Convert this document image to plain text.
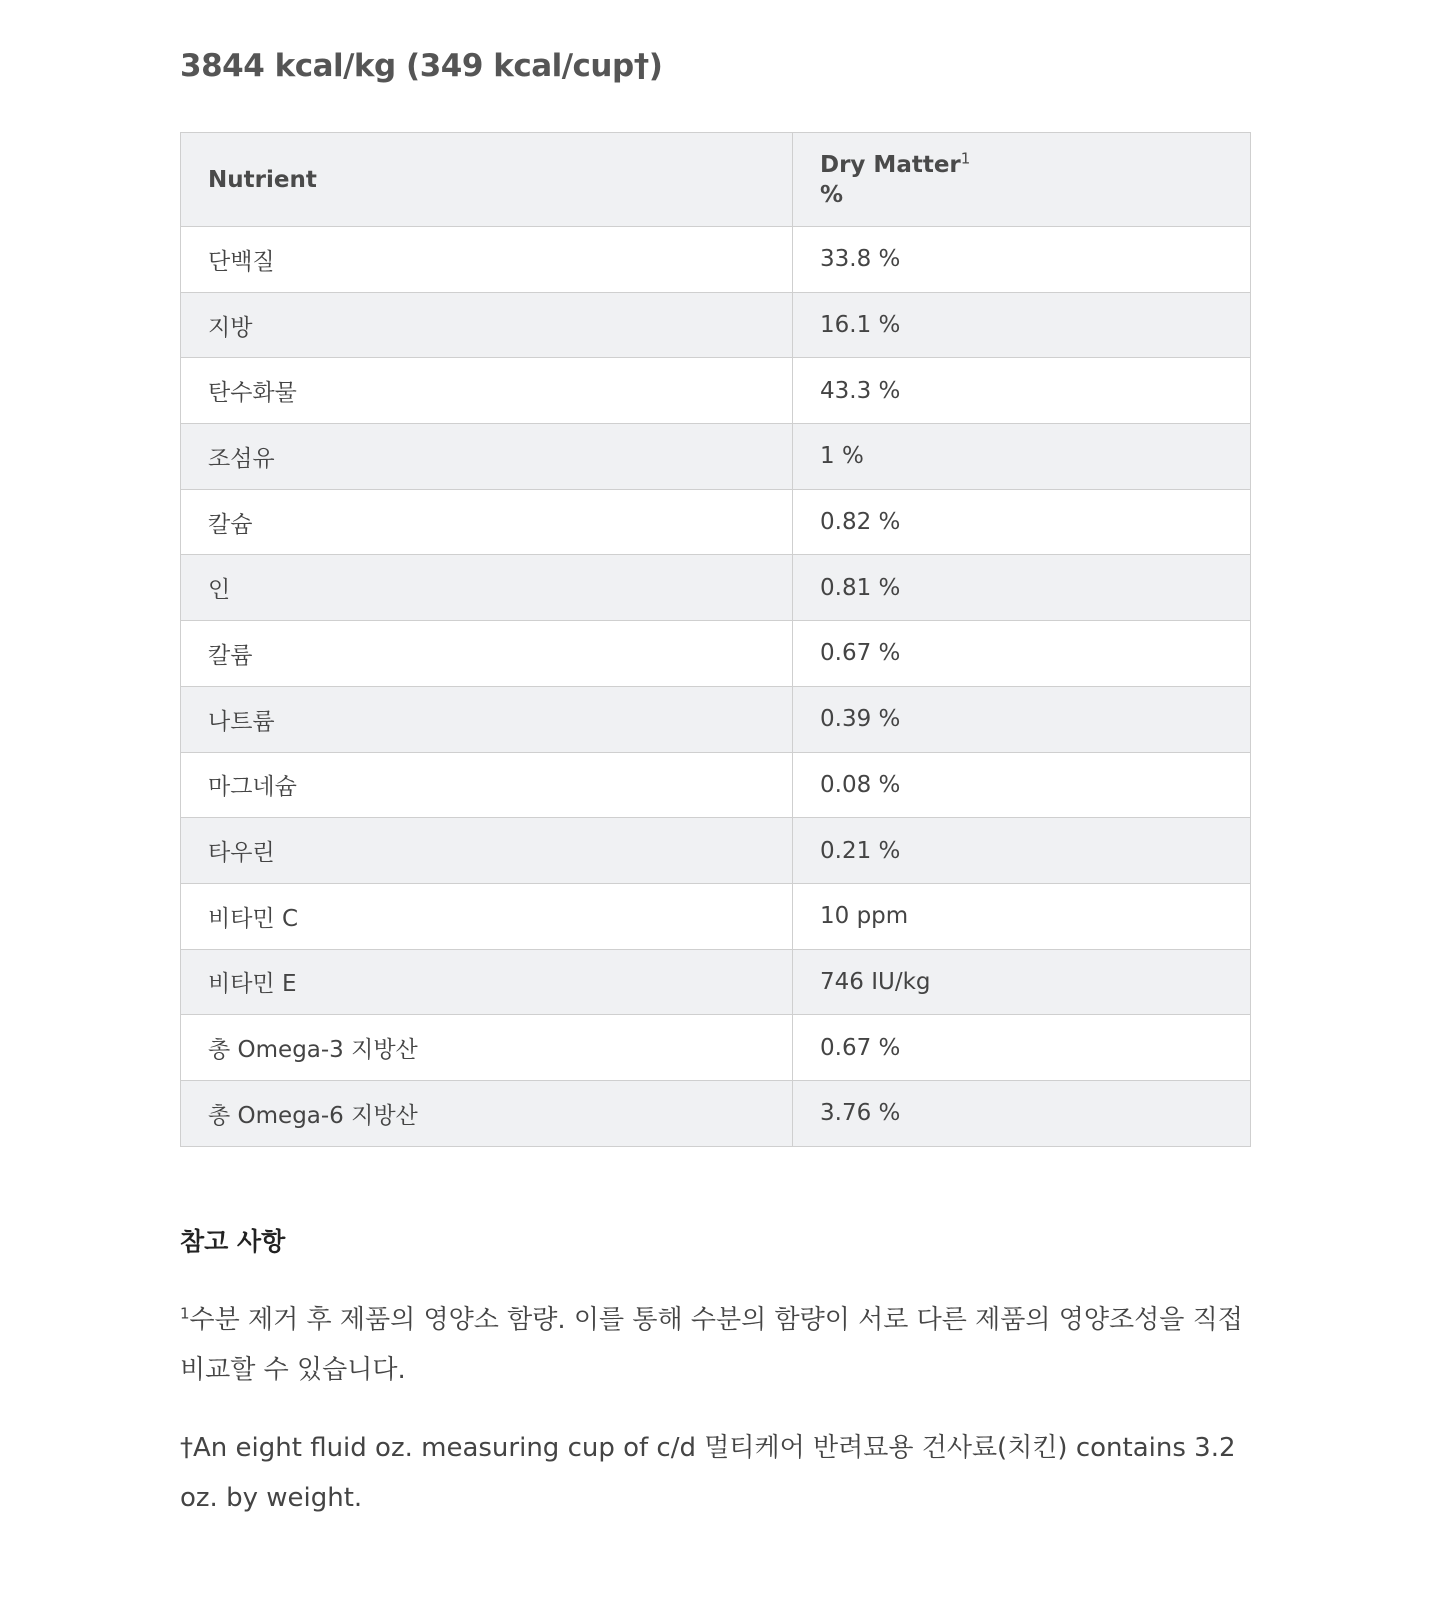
3844 kcal/kg (349 kcal/cup†)
Nutrient	Dry Matter$^1$
%
단백질	33.8 %
지방	16.1 %
탄수화물	43.3 %
조섬유	1 %
칼슘	0.82 %
인	0.81 %
칼륨	0.67 %
나트륨	0.39 %
마그네슘	0.08 %
타우린	0.21 %
비타민 C	10 ppm
비타민 E	746 IU/kg
총 Omega-3 지방산	0.67 %
총 Omega-6 지방산	3.76 %
참고 사항

$^1$수분 제거 후 제품의 영양소 함량. 이를 통해 수분의 함량이 서로 다른 제품의 영양조성을 직접 비교할 수 있습니다.

†An eight fluid oz. measuring cup of c/d 멀티케어 반려묘용 건사료(치킨) contains 3.2 oz. by weight.
